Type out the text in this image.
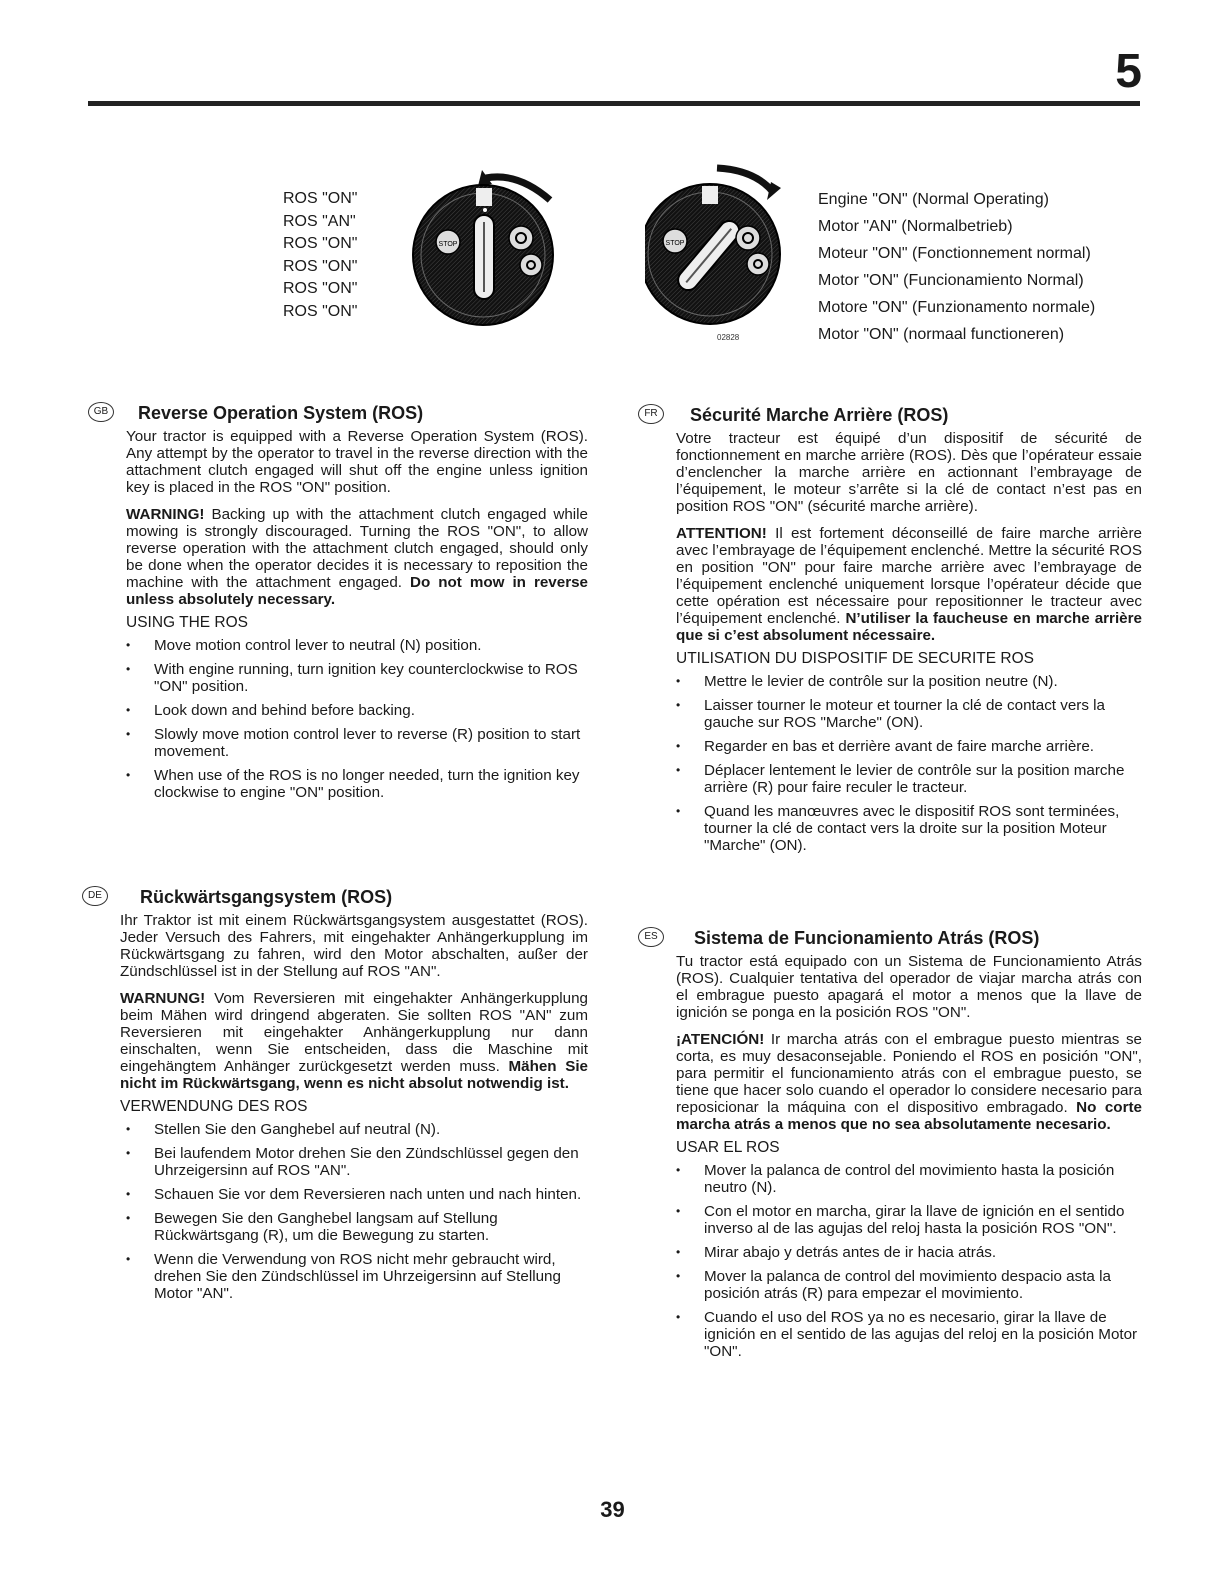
5
ROS "ON"
ROS "AN"
ROS "ON"
ROS "ON"
ROS "ON"
ROS "ON"
STOP	STOP
02828
Engine "ON" (Normal Operating)
Motor "AN" (Normalbetrieb)
Moteur "ON" (Fonctionnement normal)
Motor "ON" (Funcionamiento Normal)
Motore "ON" (Funzionamento normale)
Motor "ON" (normaal functioneren)
GB	Reverse Operation System (ROS)

Your tractor is equipped with a Reverse Operation System (ROS). Any attempt by the operator to travel in the reverse direction with the attachment clutch engaged will shut off the engine unless ignition key is placed in the ROS "ON" position.

WARNING! Backing up with the attachment clutch engaged while mowing is strongly discouraged. Turning the ROS "ON", to allow reverse operation with the attachment clutch engaged, should only be done when the operator decides it is necessary to reposition the machine with the attachment engaged. Do not mow in reverse unless absolutely necessary.

USING THE ROS
• Move motion control lever to neutral (N) position.
• With engine running, turn ignition key counterclockwise to ROS "ON" position.
• Look down and behind before backing.
• Slowly move motion control lever to reverse (R) position to start movement.
• When use of the ROS is no longer needed, turn the ignition key clockwise to engine "ON" position.
DE	Rückwärtsgangsystem (ROS)

Ihr Traktor ist mit einem Rückwärtsgangsystem ausgestattet (ROS). Jeder Versuch des Fahrers, mit eingehakter Anhängerkupplung im Rückwärtsgang zu fahren, wird den Motor abschalten, außer der Zündschlüssel ist in der Stellung auf ROS "AN".

WARNUNG! Vom Reversieren mit eingehakter Anhängerkupplung beim Mähen wird dringend abgeraten. Sie sollten ROS "AN" zum Reversieren mit eingehakter Anhängerkupplung nur dann einschalten, wenn Sie entscheiden, dass die Maschine mit eingehängtem Anhänger zurückgesetzt werden muss. Mähen Sie nicht im Rückwärtsgang, wenn es nicht absolut notwendig ist.

VERWENDUNG DES ROS
• Stellen Sie den Ganghebel auf neutral (N).
• Bei laufendem Motor drehen Sie den Zündschlüssel gegen den Uhrzeigersinn auf ROS "AN".
• Schauen Sie vor dem Reversieren nach unten und nach hinten.
• Bewegen Sie den Ganghebel langsam auf Stellung Rückwärtsgang (R), um die Bewegung zu starten.
• Wenn die Verwendung von ROS nicht mehr gebraucht wird, drehen Sie den Zündschlüssel im Uhrzeigersinn auf Stellung Motor "AN".
FR	Sécurité Marche Arrière (ROS)

Votre tracteur est équipé d’un dispositif de sécurité de fonctionnement en marche arrière (ROS). Dès que l’opérateur essaie d’enclencher la marche arrière en actionnant l’embrayage de l’équipement, le moteur s’arrête si la clé de contact n’est pas en position ROS "ON" (sécurité marche arrière).

ATTENTION! Il est fortement déconseillé de faire marche arrière avec l’embrayage de l’équipement enclenché. Mettre la sécurité ROS en position "ON" pour faire marche arrière avec l’embrayage de l’équipement enclenché uniquement lorsque l’opérateur décide que cette opération est nécessaire pour repositionner le tracteur avec l’équipement enclenché. N’utiliser la faucheuse en marche arrière que si c’est absolument nécessaire.

UTILISATION DU DISPOSITIF DE SECURITE ROS
• Mettre le levier de contrôle sur la position neutre (N).
• Laisser tourner le moteur et tourner la clé de contact vers la gauche sur ROS "Marche" (ON).
• Regarder en bas et derrière avant de faire marche arrière.
• Déplacer lentement le levier de contrôle sur la position marche arrière (R) pour faire reculer le tracteur.
• Quand les manœuvres avec le dispositif ROS sont terminées, tourner la clé de contact vers la droite sur la position Moteur "Marche" (ON).
ES	Sistema de Funcionamiento Atrás (ROS)

Tu tractor está equipado con un Sistema de Funcionamiento Atrás (ROS). Cualquier tentativa del operador de viajar marcha atrás con el embrague puesto apagará el motor a menos que la llave de ignición se ponga en la posición ROS "ON".

¡ATENCIÓN! Ir marcha atrás con el embrague puesto mientras se corta, es muy desaconsejable. Poniendo el ROS en posición "ON", para permitir el funcionamiento atrás con el embrague puesto, se tiene que hacer solo cuando el operador lo considere necesario para reposicionar la máquina con el dispositivo embragado. No corte marcha atrás a menos que no sea absolutamente necesario.

USAR EL ROS
• Mover la palanca de control del movimiento hasta la posición neutro (N).
• Con el motor en marcha, girar la llave de ignición en el sentido inverso al de las agujas del reloj hasta la posición ROS "ON".
• Mirar abajo y detrás antes de ir hacia atrás.
• Mover la palanca de control del movimiento despacio asta la posición atrás (R) para empezar el movimiento.
• Cuando el uso del ROS ya no es necesario, girar la llave de ignición en el sentido de las agujas del reloj en la posición Motor "ON".
39
